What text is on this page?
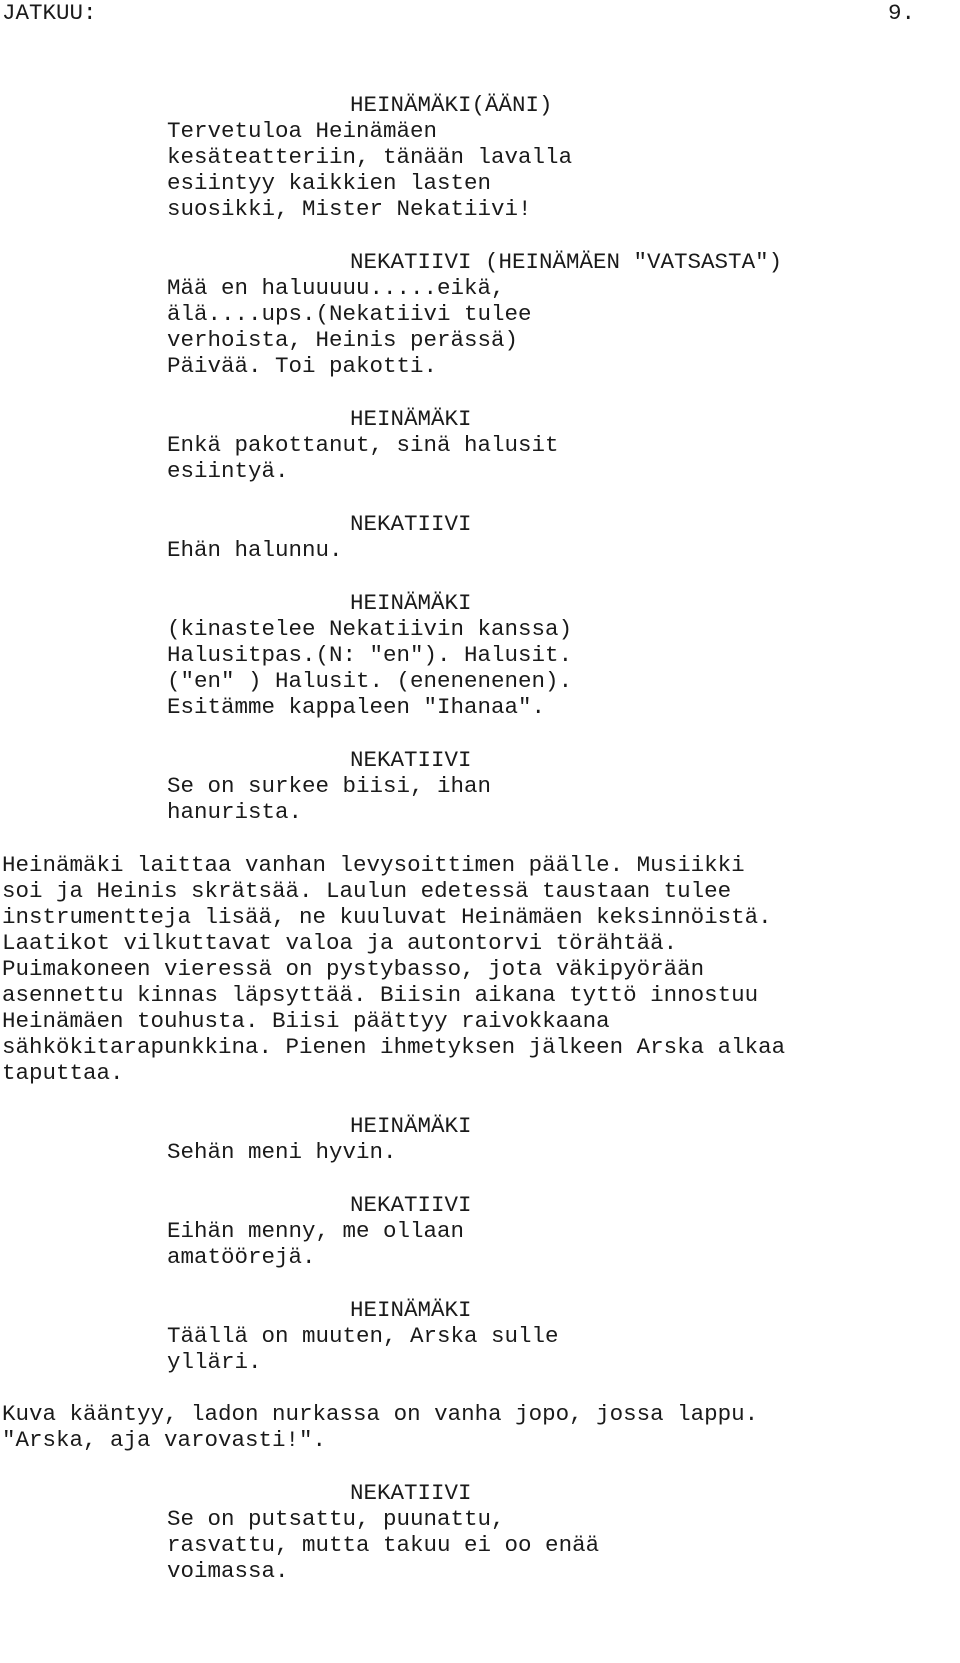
JATKUU:	9.
HEINÄMÄKI(ÄÄNI)
Tervetuloa Heinämäen
kesäteatteriin, tänään lavalla
esiintyy kaikkien lasten
suosikki, Mister Nekatiivi!
NEKATIIVI (HEINÄMÄEN "VATSASTA")
Mää en haluuuuu.....eikä,
älä....ups.(Nekatiivi tulee
verhoista, Heinis perässä)
Päivää. Toi pakotti.
HEINÄMÄKI
Enkä pakottanut, sinä halusit
esiintyä.
NEKATIIVI
Ehän halunnu.
HEINÄMÄKI
(kinastelee Nekatiivin kanssa)
Halusitpas.(N: "en"). Halusit.
("en" ) Halusit. (enenenenen).
Esitämme kappaleen "Ihanaa".
NEKATIIVI
Se on surkee biisi, ihan
hanurista.
Heinämäki laittaa vanhan levysoittimen päälle. Musiikki
soi ja Heinis skrätsää. Laulun edetessä taustaan tulee
instrumentteja lisää, ne kuuluvat Heinämäen keksinnöistä.
Laatikot vilkuttavat valoa ja autontorvi törähtää.
Puimakoneen vieressä on pystybasso, jota väkipyörään
asennettu kinnas läpsyttää. Biisin aikana tyttö innostuu
Heinämäen touhusta. Biisi päättyy raivokkaana
sähkökitarapunkkina. Pienen ihmetyksen jälkeen Arska alkaa
taputtaa.
HEINÄMÄKI
Sehän meni hyvin.
NEKATIIVI
Eihän menny, me ollaan
amatöörejä.
HEINÄMÄKI
Täällä on muuten, Arska sulle
ylläri.
Kuva kääntyy, ladon nurkassa on vanha jopo, jossa lappu.
"Arska, aja varovasti!".
NEKATIIVI
Se on putsattu, puunattu,
rasvattu, mutta takuu ei oo enää
voimassa.
